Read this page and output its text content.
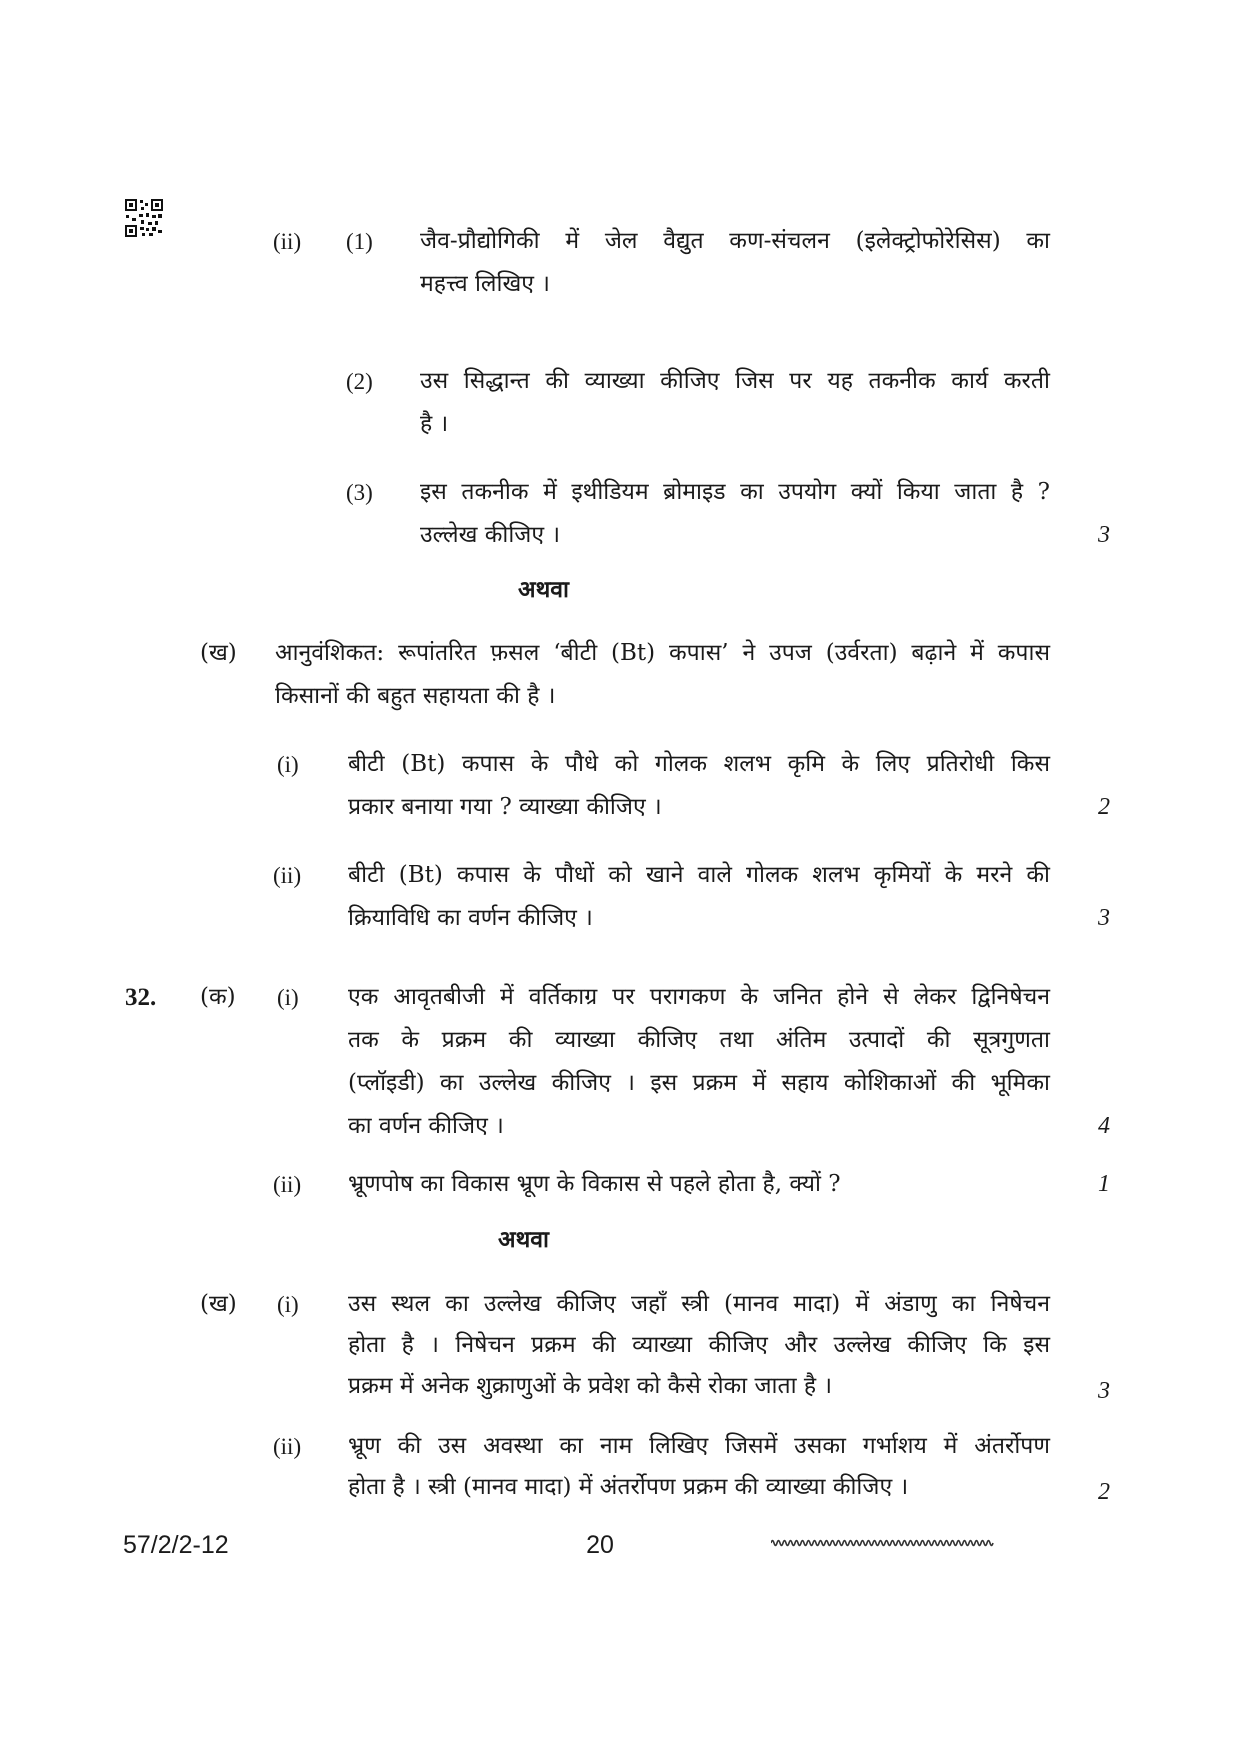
(ii) (1) जैव-प्रौद्योगिकी में जेल वैद्युत कण-संचलन (इलेक्ट्रोफोरेसिस) का
महत्त्व लिखिए ।
(2) उस सिद्धान्त की व्याख्या कीजिए जिस पर यह तकनीक कार्य करती
है ।
(3) इस तकनीक में इथीडियम ब्रोमाइड का उपयोग क्यों किया जाता है ?
उल्लेख कीजिए ।	3
अथवा
(ख) आनुवंशिकत: रूपांतरित फ़सल ‘बीटी (Bt) कपास’ ने उपज (उर्वरता) बढ़ाने में कपास
किसानों की बहुत सहायता की है ।
(i) बीटी (Bt) कपास के पौधे को गोलक शलभ कृमि के लिए प्रतिरोधी किस
प्रकार बनाया गया ? व्याख्या कीजिए ।	2
(ii) बीटी (Bt) कपास के पौधों को खाने वाले गोलक शलभ कृमियों के मरने की
क्रियाविधि का वर्णन कीजिए ।	3
32. (क) (i) एक आवृतबीजी में वर्तिकाग्र पर परागकण के जनित होने से लेकर द्विनिषेचन
तक के प्रक्रम की व्याख्या कीजिए तथा अंतिम उत्पादों की सूत्रगुणता
(प्लॉइडी) का उल्लेख कीजिए । इस प्रक्रम में सहाय कोशिकाओं की भूमिका
का वर्णन कीजिए ।	4
(ii) भ्रूणपोष का विकास भ्रूण के विकास से पहले होता है, क्यों ?	1
अथवा
(ख) (i) उस स्थल का उल्लेख कीजिए जहाँ स्त्री (मानव मादा) में अंडाणु का निषेचन
होता है । निषेचन प्रक्रम की व्याख्या कीजिए और उल्लेख कीजिए कि इस
प्रक्रम में अनेक शुक्राणुओं के प्रवेश को कैसे रोका जाता है ।	3
(ii) भ्रूण की उस अवस्था का नाम लिखिए जिसमें उसका गर्भाशय में अंतर्रोपण
होता है । स्त्री (मानव मादा) में अंतर्रोपण प्रक्रम की व्याख्या कीजिए ।	2
57/2/2-12	20
